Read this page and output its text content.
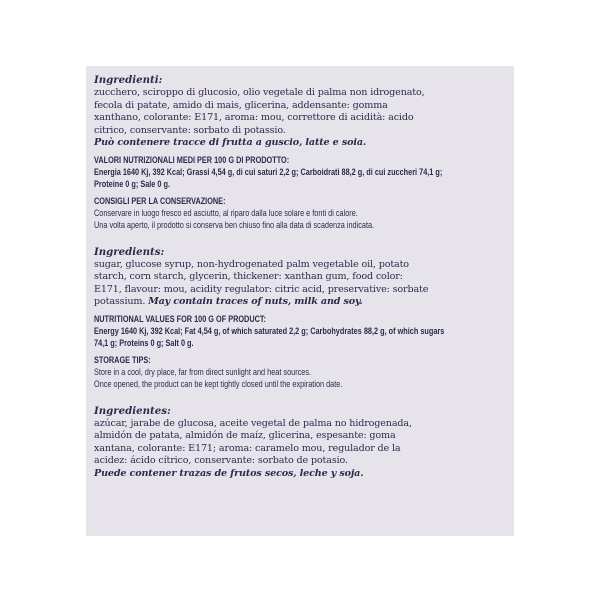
Ingredienti:
zucchero, sciroppo di glucosio, olio vegetale di palma non idrogenato,
fecola di patate, amido di mais, glicerina, addensante: gomma
xanthano, colorante: E171, aroma: mou, correttore di acidità: acido
citrico, conservante: sorbato di potassio.
Può contenere tracce di frutta a guscio, latte e soia.
VALORI NUTRIZIONALI MEDI PER 100 G DI PRODOTTO:
Energia 1640 Kj, 392 Kcal; Grassi 4,54 g, di cui saturi 2,2 g; Carboidrati 88,2 g, di cui zuccheri 74,1 g;
Proteine 0 g; Sale 0 g.
CONSIGLI PER LA CONSERVAZIONE:
Conservare in luogo fresco ed asciutto, al riparo dalla luce solare e fonti di calore.
Una volta aperto, il prodotto si conserva ben chiuso fino alla data di scadenza indicata.
Ingredients:
sugar, glucose syrup, non-hydrogenated palm vegetable oil, potato
starch, corn starch, glycerin, thickener: xanthan gum, food color:
E171, flavour: mou, acidity regulator: citric acid, preservative: sorbate
potassium. May contain traces of nuts, milk and soy.
NUTRITIONAL VALUES FOR 100 G OF PRODUCT:
Energy 1640 Kj, 392 Kcal; Fat 4,54 g, of which saturated 2,2 g; Carbohydrates 88,2 g, of which sugars
74,1 g; Proteins 0 g; Salt 0 g.
STORAGE TIPS:
Store in a cool, dry place, far from direct sunlight and heat sources.
Once opened, the product can be kept tightly closed until the expiration date.
Ingredientes:
azúcar, jarabe de glucosa, aceite vegetal de palma no hidrogenada,
almidón de patata, almidón de maíz, glicerina, espesante: goma
xantana, colorante: E171; aroma: caramelo mou, regulador de la
acidez: ácido cítrico, conservante: sorbato de potasio.
Puede contener trazas de frutos secos, leche y soja.
